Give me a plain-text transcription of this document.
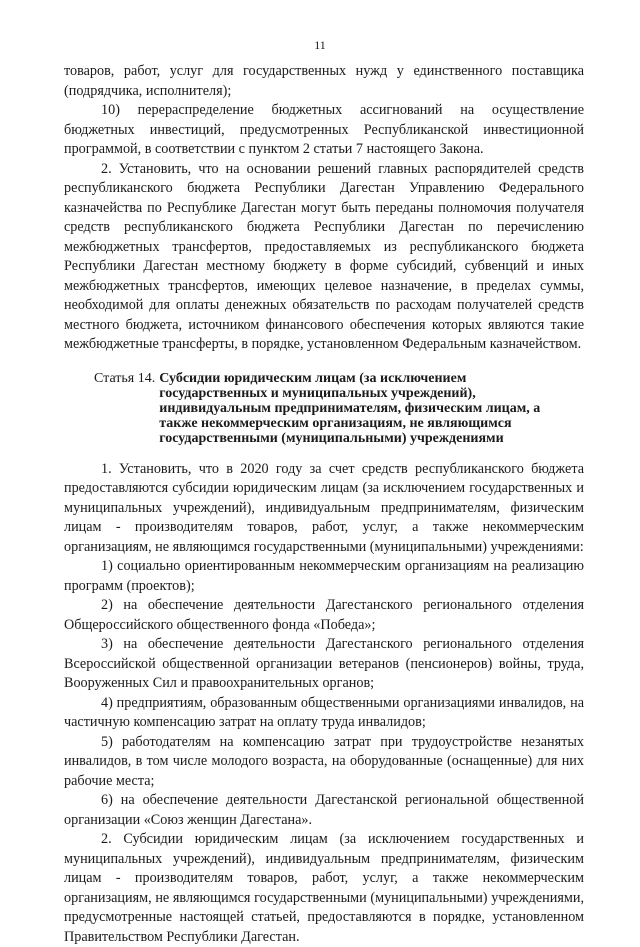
11

товаров, работ, услуг для государственных нужд у единственного поставщика (подрядчика, исполнителя);

10) перераспределение бюджетных ассигнований на осуществление бюджетных инвестиций, предусмотренных Республиканской инвестиционной программой, в соответствии с пунктом 2 статьи 7 настоящего Закона.

2. Установить, что на основании решений главных распорядителей средств республиканского бюджета Республики Дагестан Управлению Федерального казначейства по Республике Дагестан могут быть переданы полномочия получателя средств республиканского бюджета Республики Дагестан по перечислению межбюджетных трансфертов, предоставляемых из республиканского бюджета Республики Дагестан местному бюджету в форме субсидий, субвенций и иных межбюджетных трансфертов, имеющих целевое назначение, в пределах суммы, необходимой для оплаты денежных обязательств по расходам получателей средств местного бюджета, источником финансового обеспечения которых являются такие межбюджетные трансферты, в порядке, установленном Федеральным казначейством.

Статья 14. Субсидии юридическим лицам (за исключением государственных и муниципальных учреждений), индивидуальным предпринимателям, физическим лицам, а также некоммерческим организациям, не являющимся государственными (муниципальными) учреждениями

1. Установить, что в 2020 году за счет средств республиканского бюджета предоставляются субсидии юридическим лицам (за исключением государственных и муниципальных учреждений), индивидуальным предпринимателям, физическим лицам - производителям товаров, работ, услуг, а также некоммерческим организациям, не являющимся государственными (муниципальными) учреждениями:

1) социально ориентированным некоммерческим организациям на реализацию программ (проектов);

2) на обеспечение деятельности Дагестанского регионального отделения Общероссийского общественного фонда «Победа»;

3) на обеспечение деятельности Дагестанского регионального отделения Всероссийской общественной организации ветеранов (пенсионеров) войны, труда, Вооруженных Сил и правоохранительных органов;

4) предприятиям, образованным общественными организациями инвалидов, на частичную компенсацию затрат на оплату труда инвалидов;

5) работодателям на компенсацию затрат при трудоустройстве незанятых инвалидов, в том числе молодого возраста, на оборудованные (оснащенные) для них рабочие места;

6) на обеспечение деятельности Дагестанской региональной общественной организации «Союз женщин Дагестана».

2. Субсидии юридическим лицам (за исключением государственных и муниципальных учреждений), индивидуальным предпринимателям, физическим лицам - производителям товаров, работ, услуг, а также некоммерческим организациям, не являющимся государственными (муниципальными) учреждениями, предусмотренные настоящей статьей, предоставляются в порядке, установленном Правительством Республики Дагестан.
